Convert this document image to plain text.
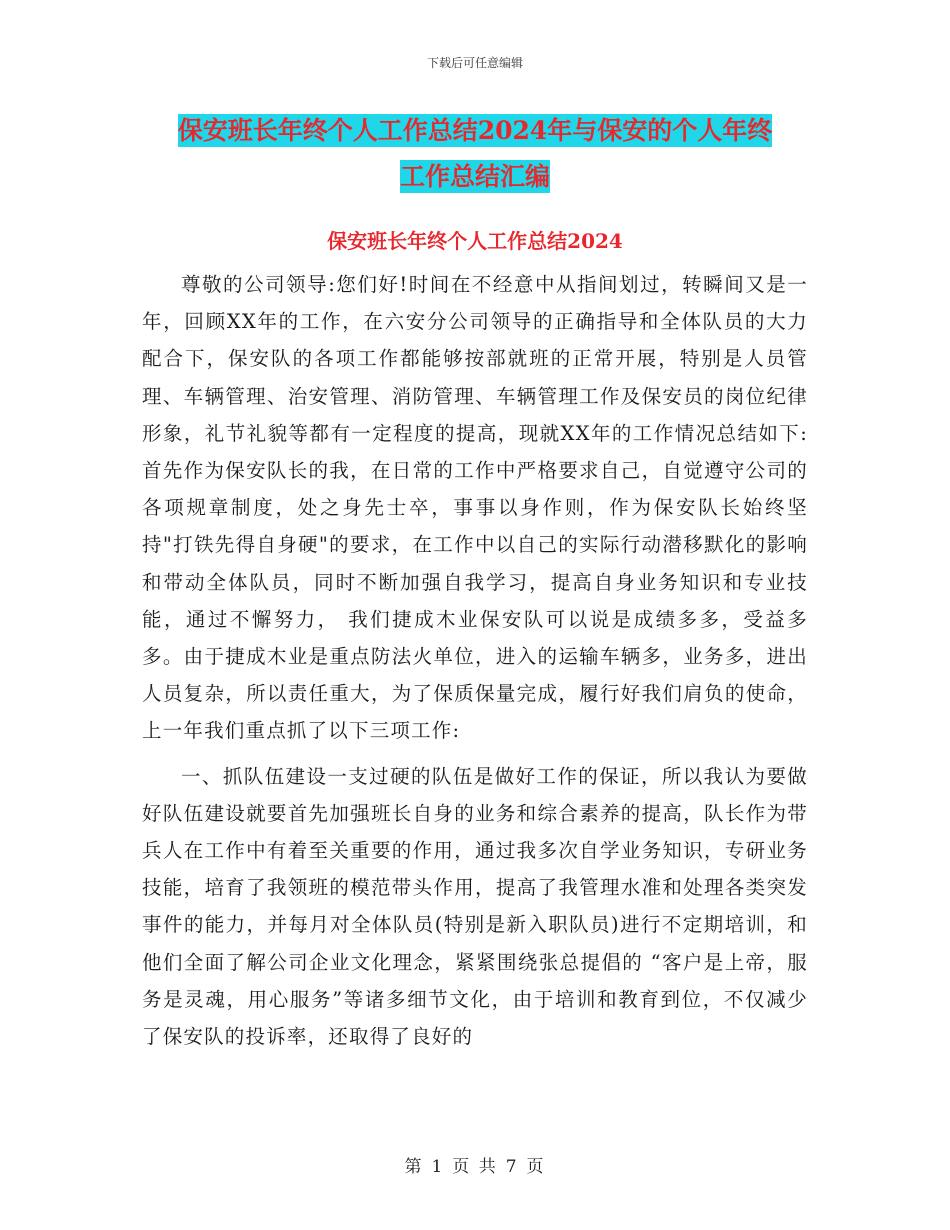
下载后可任意编辑
保安班长年终个人工作总结2024年与保安的个人年终
工作总结汇编
保安班长年终个人工作总结2024

尊敬的公司领导:您们好!时间在不经意中从指间划过，转瞬间又是一年，回顾XX年的工作，在六安分公司领导的正确指导和全体队员的大力配合下，保安队的各项工作都能够按部就班的正常开展，特别是人员管理、车辆管理、治安管理、消防管理、车辆管理工作及保安员的岗位纪律形象，礼节礼貌等都有一定程度的提高，现就XX年的工作情况总结如下:首先作为保安队长的我，在日常的工作中严格要求自己，自觉遵守公司的各项规章制度，处之身先士卒，事事以身作则，作为保安队长始终坚持"打铁先得自身硬"的要求，在工作中以自己的实际行动潜移默化的影响和带动全体队员，同时不断加强自我学习，提高自身业务知识和专业技能，通过不懈努力， 我们捷成木业保安队可以说是成绩多多，受益多多。由于捷成木业是重点防法火单位，进入的运输车辆多，业务多，进出人员复杂，所以责任重大，为了保质保量完成，履行好我们肩负的使命，上一年我们重点抓了以下三项工作:

一、抓队伍建设一支过硬的队伍是做好工作的保证，所以我认为要做好队伍建设就要首先加强班长自身的业务和综合素养的提高，队长作为带兵人在工作中有着至关重要的作用，通过我多次自学业务知识，专研业务技能，培育了我领班的模范带头作用，提高了我管理水准和处理各类突发事件的能力，并每月对全体队员(特别是新入职队员)进行不定期培训，和他们全面了解公司企业文化理念，紧紧围绕张总提倡的 “客户是上帝，服务是灵魂，用心服务”等诸多细节文化，由于培训和教育到位，不仅减少了保安队的投诉率，还取得了良好的

第 1 页 共 7 页
